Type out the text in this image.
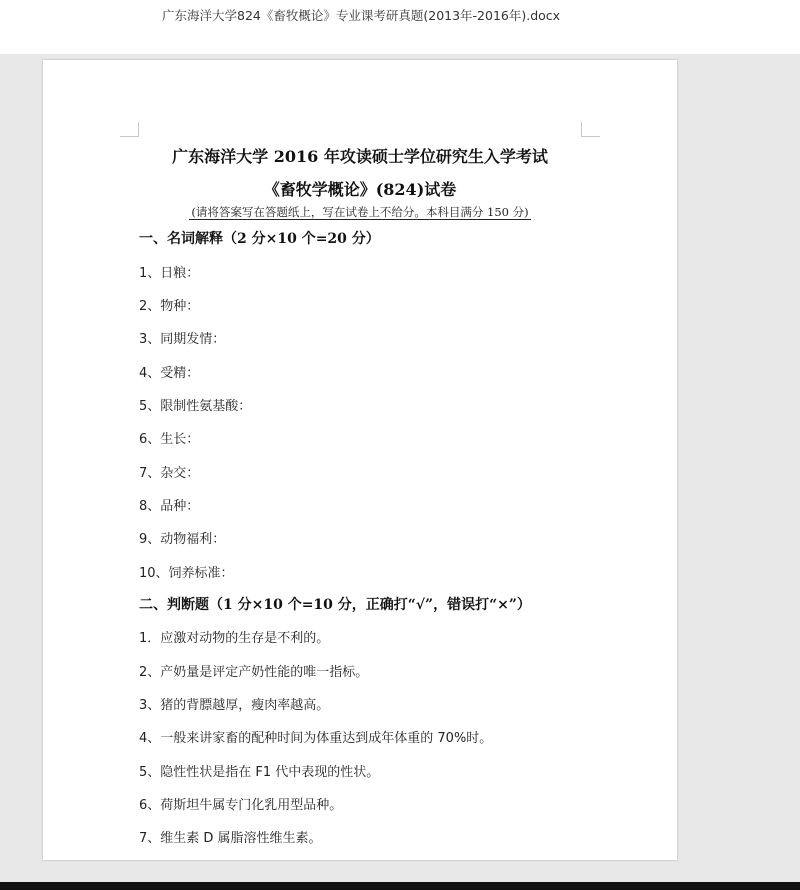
广东海洋大学824《畜牧概论》专业课考研真题(2013年-2016年).docx
广东海洋大学 2016 年攻读硕士学位研究生入学考试
《畜牧学概论》(824)试卷
(请将答案写在答题纸上，写在试卷上不给分。本科目满分 150 分)
一、名词解释（2 分×10 个=20 分）
1、日粮：
2、物种：
3、同期发情：
4、受精：
5、限制性氨基酸：
6、生长：
7、杂交：
8、品种：
9、动物福利：
10、饲养标准：
二、判断题（1 分×10 个=10 分，正确打“√”，错误打“×”）
1．应激对动物的生存是不利的。
2、产奶量是评定产奶性能的唯一指标。
3、猪的背膘越厚，瘦肉率越高。
4、一般来讲家畜的配种时间为体重达到成年体重的 70%时。
5、隐性性状是指在 F1 代中表现的性状。
6、荷斯坦牛属专门化乳用型品种。
7、维生素 D 属脂溶性维生素。
